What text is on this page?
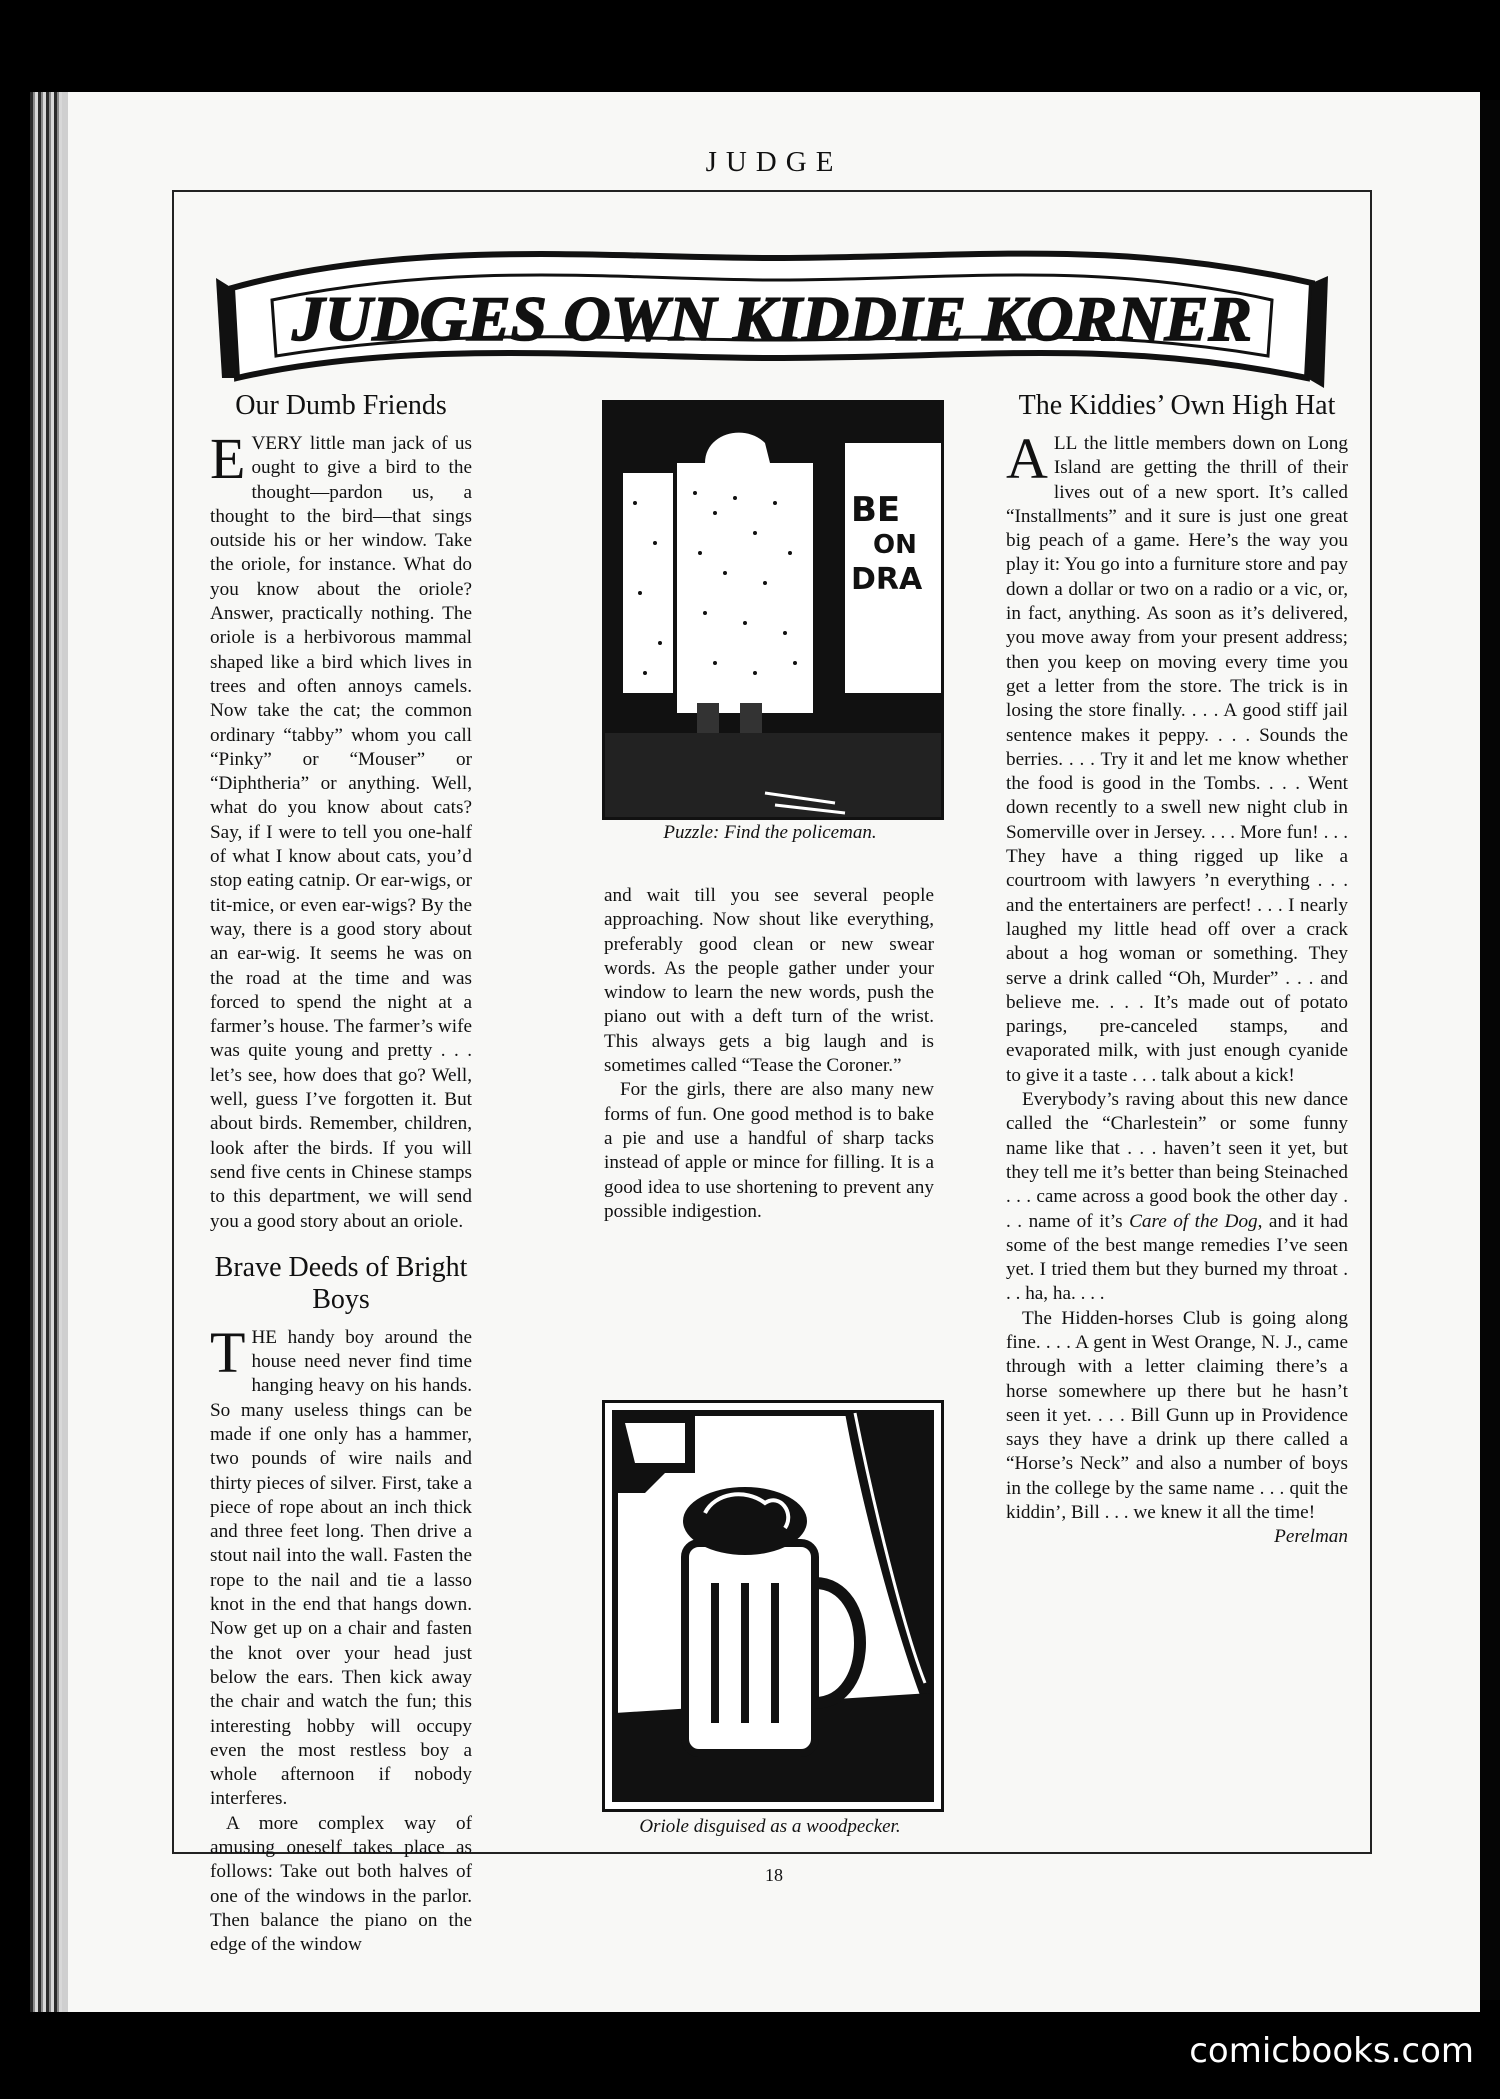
JUDGE
JUDGES OWN KIDDIE KORNER
Our Dumb Friends

EVERY little man jack of us ought to give a bird to the thought—pardon us, a thought to the bird—that sings outside his or her window. Take the oriole, for instance. What do you know about the oriole? Answer, practically nothing. The oriole is a herbivorous mammal shaped like a bird which lives in trees and often annoys camels. Now take the cat; the common ordinary “tabby” whom you call “Pinky” or “Mouser” or “Diphtheria” or anything. Well, what do you know about cats? Say, if I were to tell you one-half of what I know about cats, you’d stop eating catnip. Or ear-wigs, or tit-mice, or even ear-wigs? By the way, there is a good story about an ear-wig. It seems he was on the road at the time and was forced to spend the night at a farmer’s house. The farmer’s wife was quite young and pretty . . . let’s see, how does that go? Well, well, guess I’ve forgotten it. But about birds. Remember, children, look after the birds. If you will send five cents in Chinese stamps to this department, we will send you a good story about an oriole.

Brave Deeds of Bright Boys

THE handy boy around the house need never find time hanging heavy on his hands. So many useless things can be made if one only has a hammer, two pounds of wire nails and thirty pieces of silver. First, take a piece of rope about an inch thick and three feet long. Then drive a stout nail into the wall. Fasten the rope to the nail and tie a lasso knot in the end that hangs down. Now get up on a chair and fasten the knot over your head just below the ears. Then kick away the chair and watch the fun; this interesting hobby will occupy even the most restless boy a whole afternoon if nobody interferes.

A more complex way of amusing oneself takes place as follows: Take out both halves of one of the windows in the parlor. Then balance the piano on the edge of the window

BE
ON
DRA
Puzzle: Find the policeman.

and wait till you see several people approaching. Now shout like everything, preferably good clean or new swear words. As the people gather under your window to learn the new words, push the piano out with a deft turn of the wrist. This always gets a big laugh and is sometimes called “Tease the Coroner.”

For the girls, there are also many new forms of fun. One good method is to bake a pie and use a handful of sharp tacks instead of apple or mince for filling. It is a good idea to use shortening to prevent any possible indigestion.

Oriole disguised as a woodpecker.
The Kiddies’ Own High Hat

ALL the little members down on Long Island are getting the thrill of their lives out of a new sport. It’s called “Installments” and it sure is just one great big peach of a game. Here’s the way you play it: You go into a furniture store and pay down a dollar or two on a radio or a vic, or, in fact, anything. As soon as it’s delivered, you move away from your present address; then you keep on moving every time you get a letter from the store. The trick is in losing the store finally. . . . A good stiff jail sentence makes it peppy. . . . Sounds the berries. . . . Try it and let me know whether the food is good in the Tombs. . . . Went down recently to a swell new night club in Somerville over in Jersey. . . . More fun! . . . They have a thing rigged up like a courtroom with lawyers ’n everything . . . and the entertainers are perfect! . . . I nearly laughed my little head off over a crack about a hog woman or something. They serve a drink called “Oh, Murder” . . . and believe me. . . . It’s made out of potato parings, pre-canceled stamps, and evaporated milk, with just enough cyanide to give it a taste . . . talk about a kick!

Everybody’s raving about this new dance called the “Charlestein” or some funny name like that . . . haven’t seen it yet, but they tell me it’s better than being Steinached . . . came across a good book the other day . . . name of it’s Care of the Dog, and it had some of the best mange remedies I’ve seen yet. I tried them but they burned my throat . . . ha, ha. . . .

The Hidden-horses Club is going along fine. . . . A gent in West Orange, N. J., came through with a letter claiming there’s a horse somewhere up there but he hasn’t seen it yet. . . . Bill Gunn up in Providence says they have a drink up there called a “Horse’s Neck” and also a number of boys in the college by the same name . . . quit the kiddin’, Bill . . . we knew it all the time!

Perelman

18
comicbooks.com
